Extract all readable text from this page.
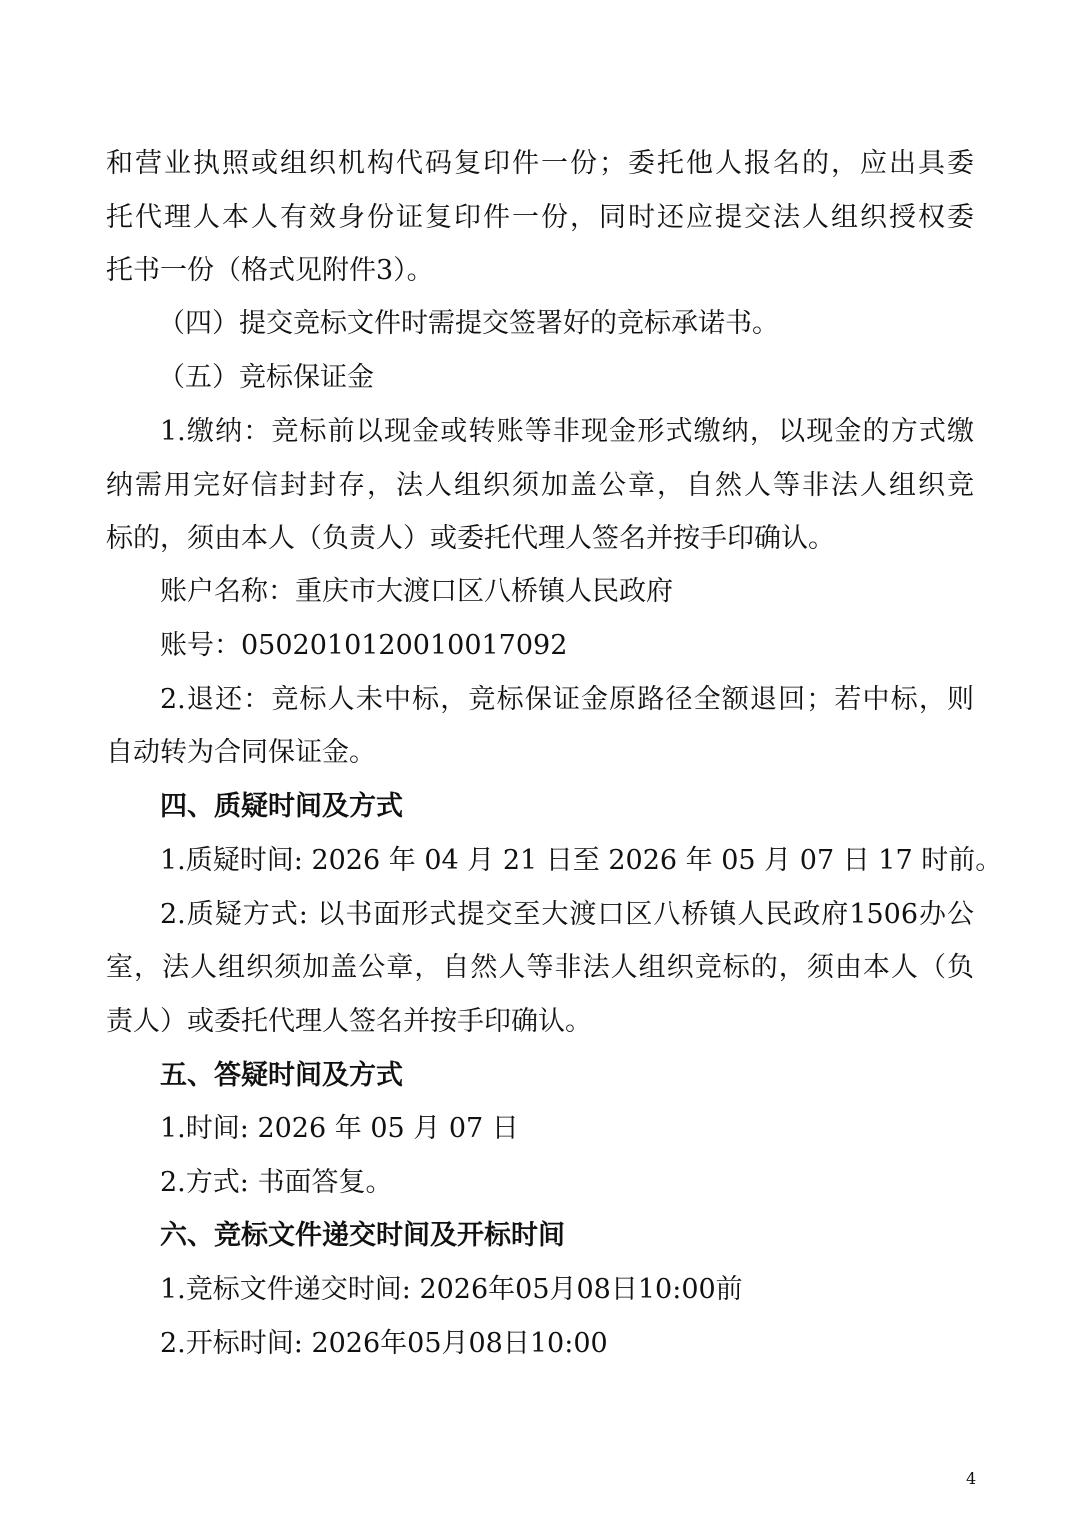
和营业执照或组织机构代码复印件一份；委托他人报名的，应出具委
托代理人本人有效身份证复印件一份，同时还应提交法人组织授权委
托书一份（格式见附件3）。
（四）提交竞标文件时需提交签署好的竞标承诺书。
（五）竞标保证金
1.缴纳：竞标前以现金或转账等非现金形式缴纳，以现金的方式缴
纳需用完好信封封存，法人组织须加盖公章，自然人等非法人组织竞
标的，须由本人（负责人）或委托代理人签名并按手印确认。
账户名称：重庆市大渡口区八桥镇人民政府
账号：0502010120010017092
2.退还：竞标人未中标，竞标保证金原路径全额退回；若中标，则
自动转为合同保证金。
四、质疑时间及方式
1.质疑时间: 2026 年 04 月 21 日至 2026 年 05 月 07 日 17 时前。
2.质疑方式: 以书面形式提交至大渡口区八桥镇人民政府1506办公
室，法人组织须加盖公章，自然人等非法人组织竞标的，须由本人（负
责人）或委托代理人签名并按手印确认。
五、答疑时间及方式
1.时间: 2026 年 05 月 07 日
2.方式: 书面答复。
六、竞标文件递交时间及开标时间
1.竞标文件递交时间: 2026年05月08日10:00前
2.开标时间: 2026年05月08日10:00
4
